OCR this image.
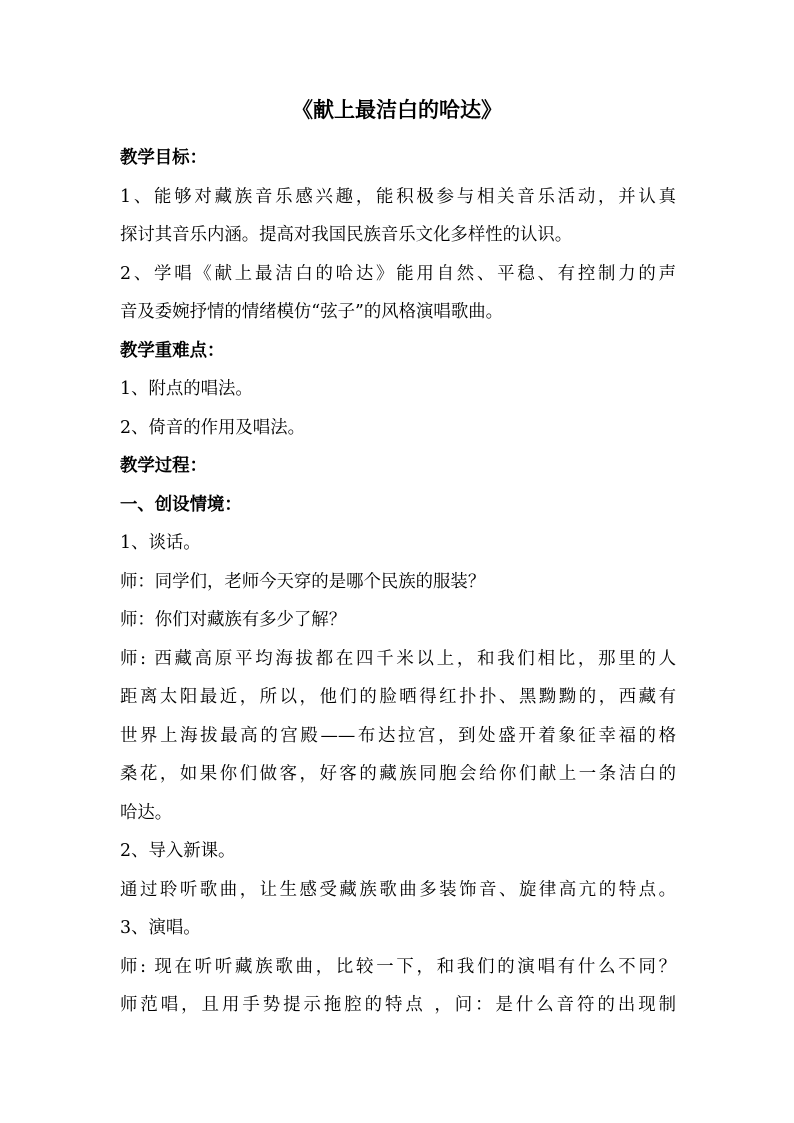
《献上最洁白的哈达》
教学目标：
1、能够对藏族音乐感兴趣，能积极参与相关音乐活动，并认真
探讨其音乐内涵。提高对我国民族音乐文化多样性的认识。
2、学唱《献上最洁白的哈达》能用自然、平稳、有控制力的声
音及委婉抒情的情绪模仿“弦子”的风格演唱歌曲。
教学重难点：
1、附点的唱法。
2、倚音的作用及唱法。
教学过程：
一、创设情境：
1、谈话。
师：同学们，老师今天穿的是哪个民族的服装？
师：你们对藏族有多少了解？
师: 西藏高原平均海拔都在四千米以上，和我们相比，那里的人
距离太阳最近，所以，他们的脸晒得红扑扑、黑黝黝的，西藏有
世界上海拔最高的宫殿——布达拉宫，到处盛开着象征幸福的格
桑花，如果你们做客，好客的藏族同胞会给你们献上一条洁白的
哈达。
2、导入新课。
通过聆听歌曲，让生感受藏族歌曲多装饰音、旋律高亢的特点。
3、演唱。
师: 现在听听藏族歌曲，比较一下，和我们的演唱有什么不同？
师范唱，且用手势提示拖腔的特点 ，问：是什么音符的出现制
